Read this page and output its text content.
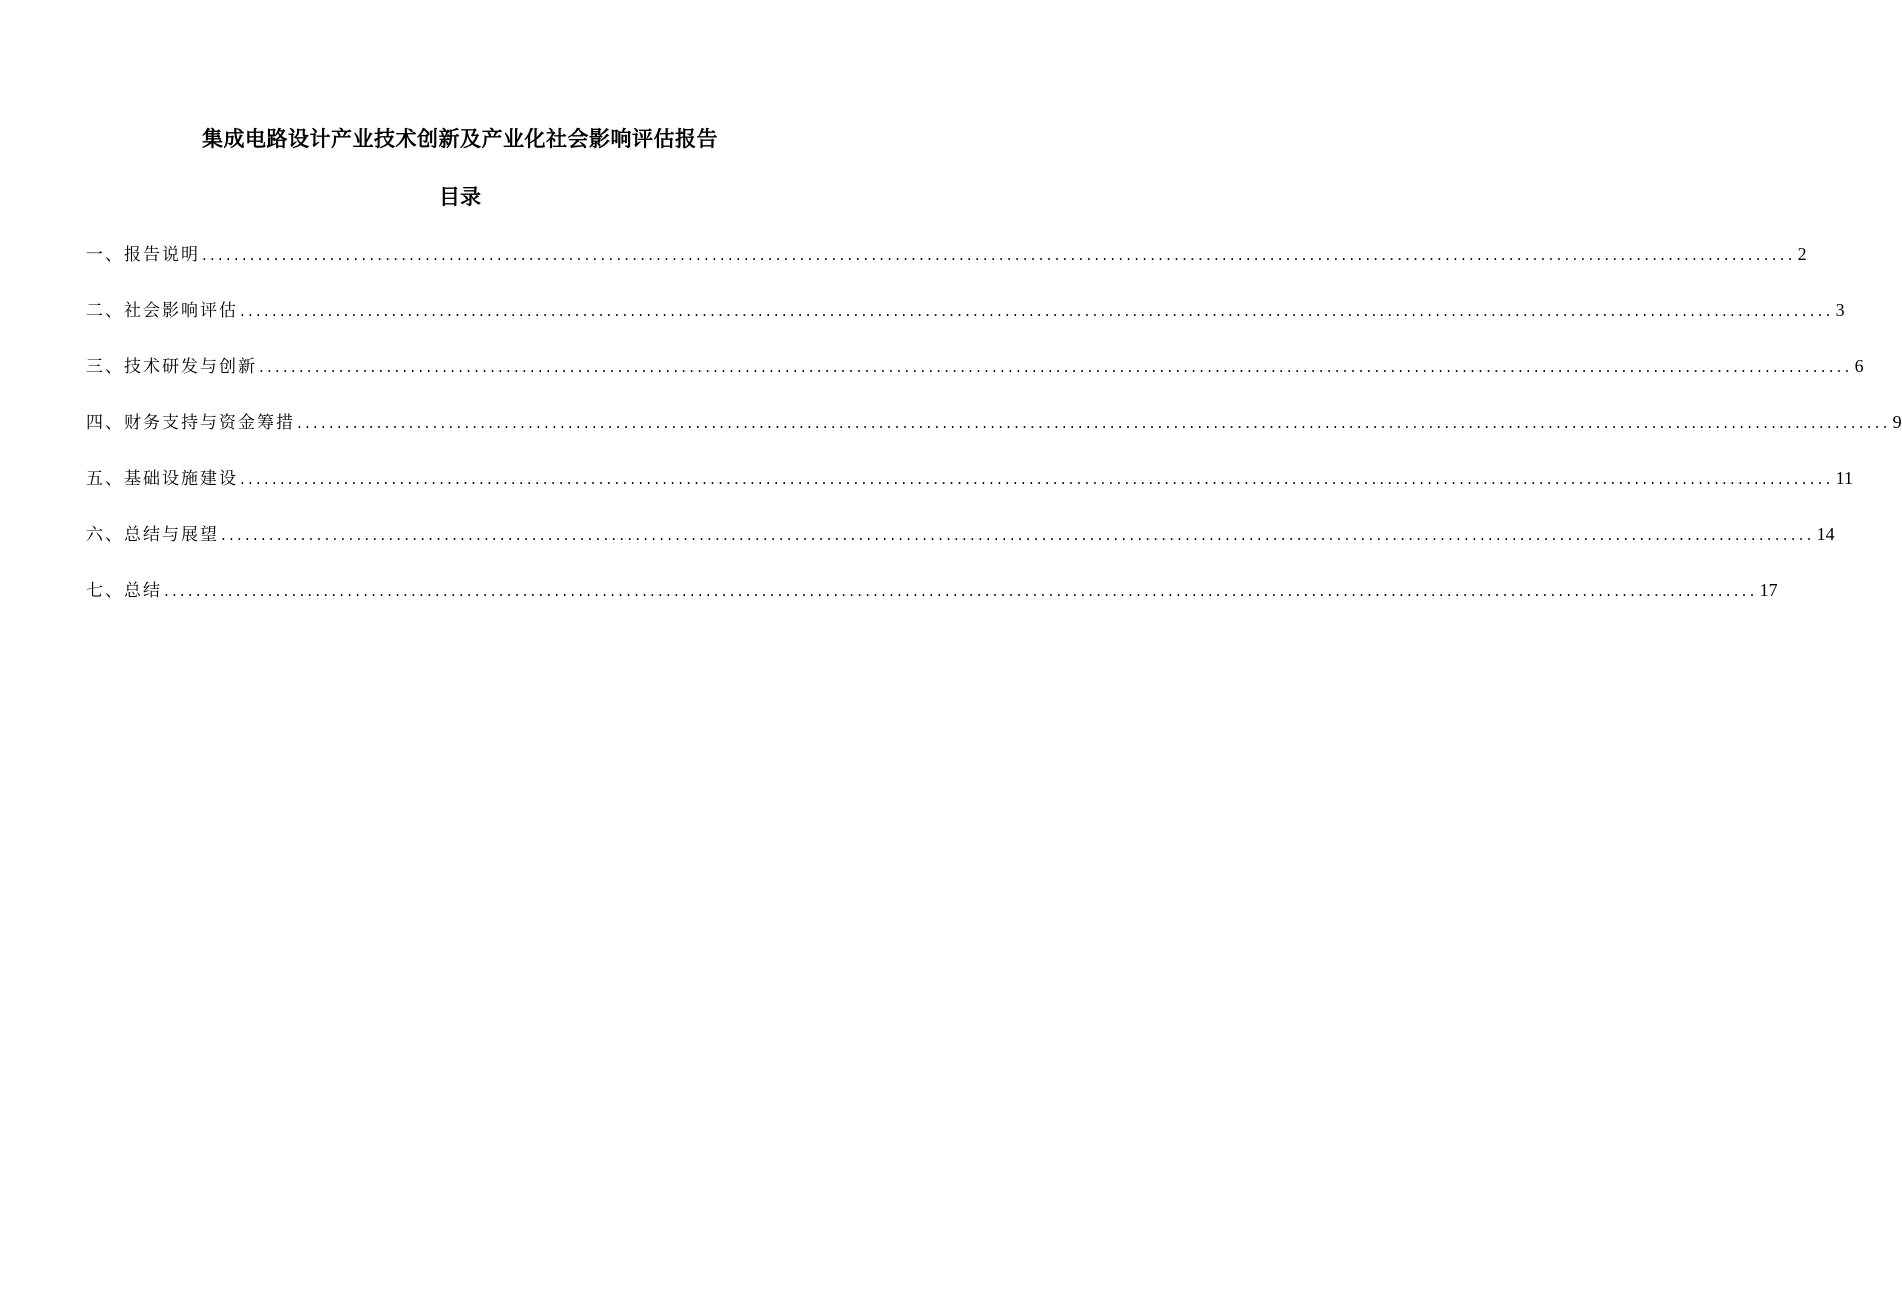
集成电路设计产业技术创新及产业化社会影响评估报告
目录
一、报告说明 ........................................................................................................................................................................................................ 2
二、社会影响评估 ........................................................................................................................................................................................................ 3
三、技术研发与创新 ........................................................................................................................................................................................................ 6
四、财务支持与资金筹措 ........................................................................................................................................................................................................ 9
五、基础设施建设 ........................................................................................................................................................................................................ 11
六、总结与展望 ........................................................................................................................................................................................................ 14
七、总结 ........................................................................................................................................................................................................ 17
